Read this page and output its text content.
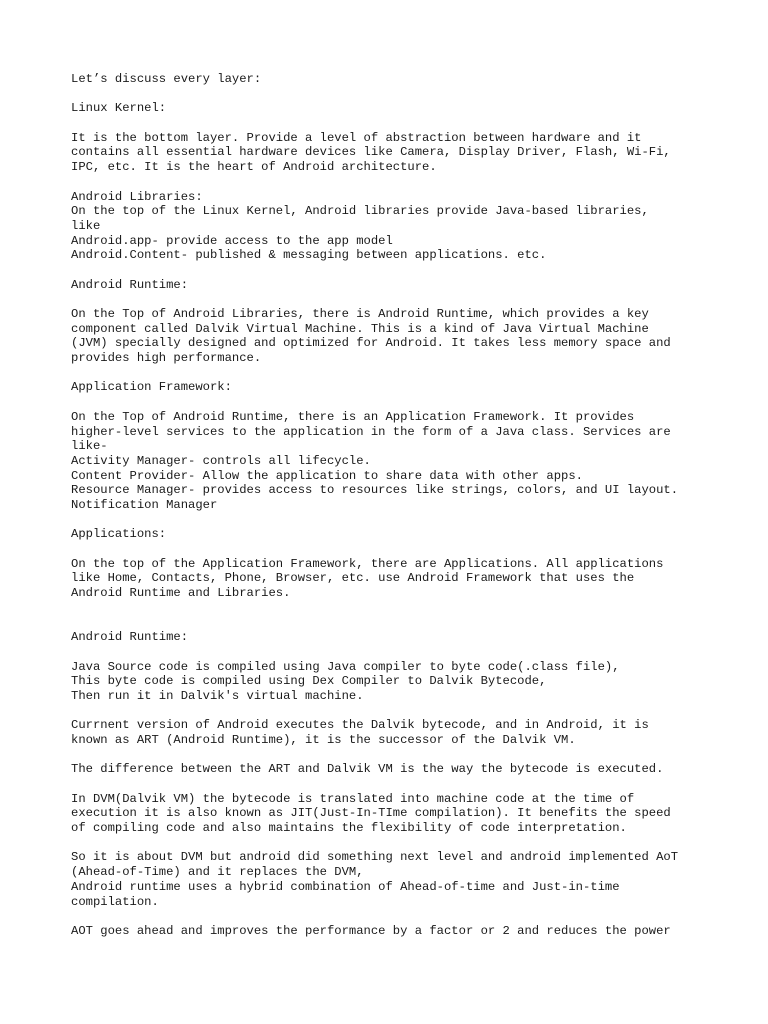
Let’s discuss every layer:
Linux Kernel:
It is the bottom layer. Provide a level of abstraction between hardware and it
contains all essential hardware devices like Camera, Display Driver, Flash, Wi-Fi,
IPC, etc. It is the heart of Android architecture.
Android Libraries:
On the top of the Linux Kernel, Android libraries provide Java-based libraries,
like
Android.app- provide access to the app model
Android.Content- published & messaging between applications. etc.
Android Runtime:
On the Top of Android Libraries, there is Android Runtime, which provides a key
component called Dalvik Virtual Machine. This is a kind of Java Virtual Machine
(JVM) specially designed and optimized for Android. It takes less memory space and
provides high performance.
Application Framework:
On the Top of Android Runtime, there is an Application Framework. It provides
higher-level services to the application in the form of a Java class. Services are
like-
Activity Manager- controls all lifecycle.
Content Provider- Allow the application to share data with other apps.
Resource Manager- provides access to resources like strings, colors, and UI layout.
Notification Manager
Applications:
On the top of the Application Framework, there are Applications. All applications
like Home, Contacts, Phone, Browser, etc. use Android Framework that uses the
Android Runtime and Libraries.
Android Runtime:
Java Source code is compiled using Java compiler to byte code(.class file),
This byte code is compiled using Dex Compiler to Dalvik Bytecode,
Then run it in Dalvik's virtual machine.
Currnent version of Android executes the Dalvik bytecode, and in Android, it is
known as ART (Android Runtime), it is the successor of the Dalvik VM.
The difference between the ART and Dalvik VM is the way the bytecode is executed.
In DVM(Dalvik VM) the bytecode is translated into machine code at the time of
execution it is also known as JIT(Just-In-TIme compilation). It benefits the speed
of compiling code and also maintains the flexibility of code interpretation.
So it is about DVM but android did something next level and android implemented AoT
(Ahead-of-Time) and it replaces the DVM,
Android runtime uses a hybrid combination of Ahead-of-time and Just-in-time
compilation.
AOT goes ahead and improves the performance by a factor or 2 and reduces the power
